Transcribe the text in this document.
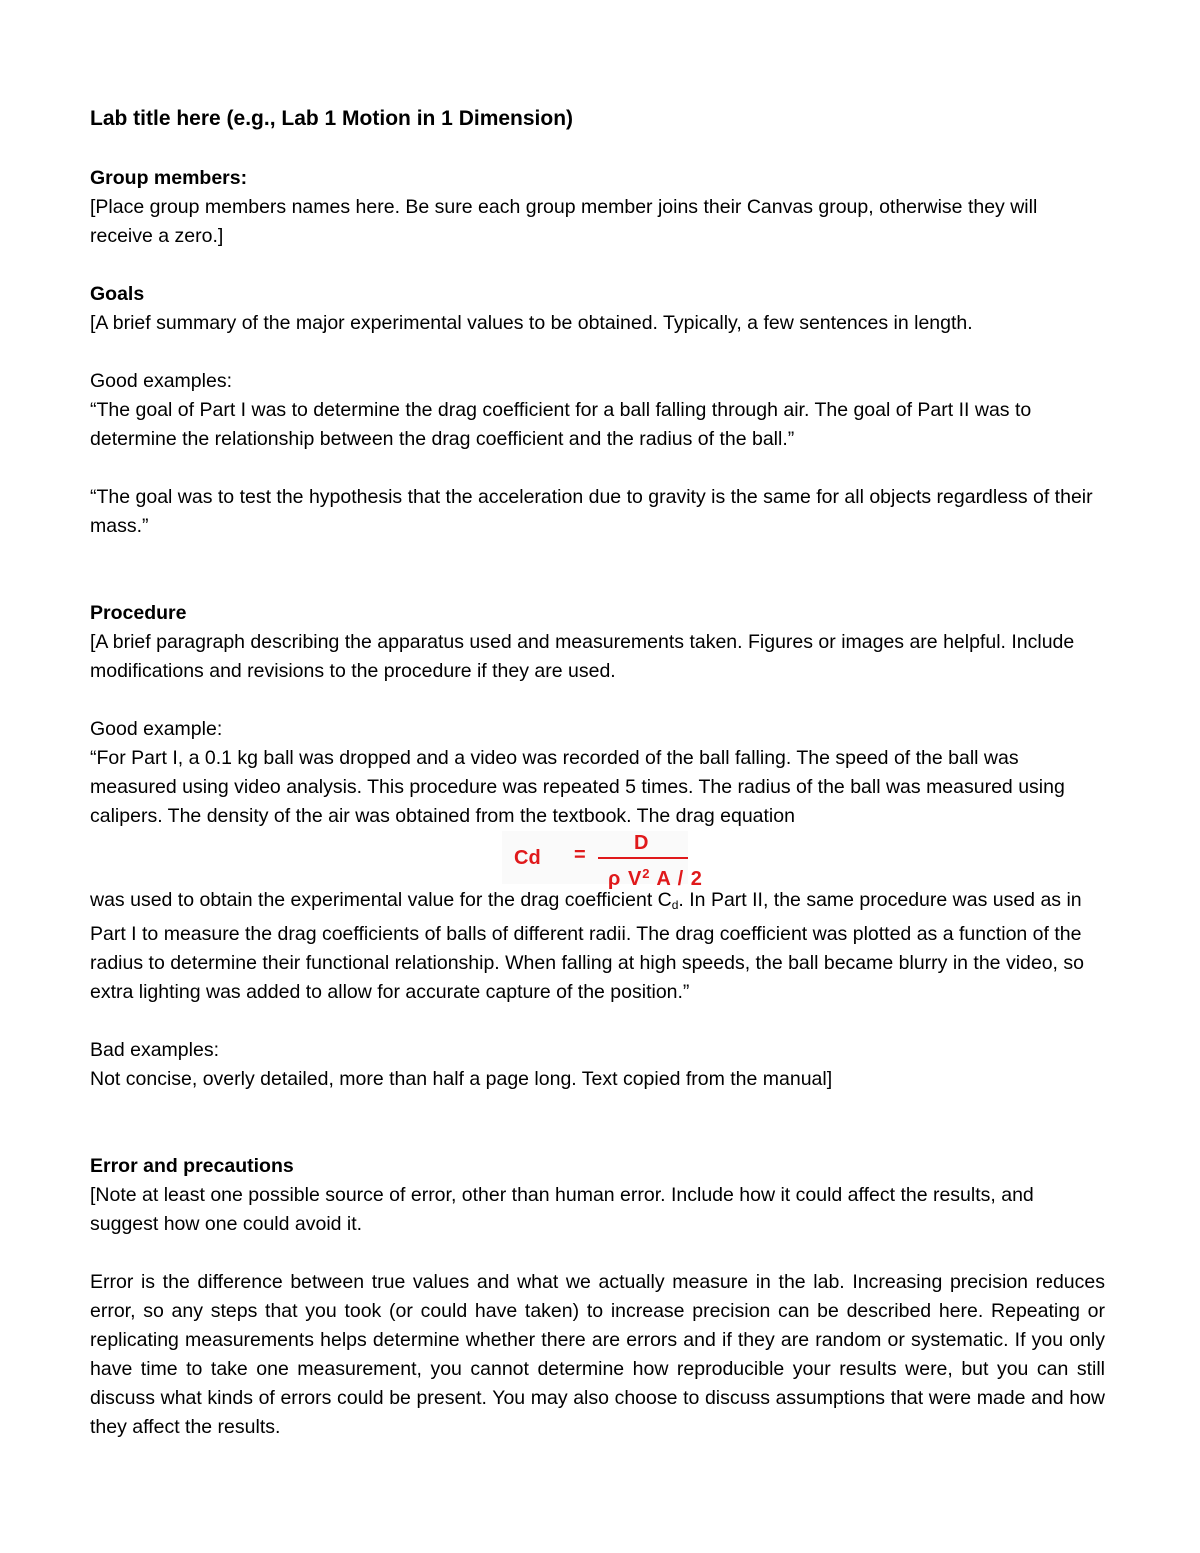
Lab title here (e.g., Lab 1 Motion in 1 Dimension)

Group members:

[Place group members names here. Be sure each group member joins their Canvas group, otherwise they will receive a zero.]

Goals

[A brief summary of the major experimental values to be obtained. Typically, a few sentences in length.

Good examples:

“The goal of Part I was to determine the drag coefficient for a ball falling through air. The goal of Part II was to determine the relationship between the drag coefficient and the radius of the ball.”

“The goal was to test the hypothesis that the acceleration due to gravity is the same for all objects regardless of their mass.”

Procedure

[A brief paragraph describing the apparatus used and measurements taken. Figures or images are helpful. Include modifications and revisions to the procedure if they are used.

Good example:

“For Part I, a 0.1 kg ball was dropped and a video was recorded of the ball falling. The speed of the ball was measured using video analysis. This procedure was repeated 5 times. The radius of the ball was measured using calipers. The density of the air was obtained from the textbook. The drag equation

Cd =
D
ρ $V^2$ A / 2

was used to obtain the experimental value for the drag coefficient $C_d$. In Part II, the same procedure was used as in Part I to measure the drag coefficients of balls of different radii. The drag coefficient was plotted as a function of the radius to determine their functional relationship. When falling at high speeds, the ball became blurry in the video, so extra lighting was added to allow for accurate capture of the position.”

Bad examples:

Not concise, overly detailed, more than half a page long. Text copied from the manual]

Error and precautions

[Note at least one possible source of error, other than human error. Include how it could affect the results, and suggest how one could avoid it.

Error is the difference between true values and what we actually measure in the lab. Increasing precision reduces error, so any steps that you took (or could have taken) to increase precision can be described here. Repeating or replicating measurements helps determine whether there are errors and if they are random or systematic. If you only have time to take one measurement, you cannot determine how reproducible your results were, but you can still discuss what kinds of errors could be present. You may also choose to discuss assumptions that were made and how they affect the results.
